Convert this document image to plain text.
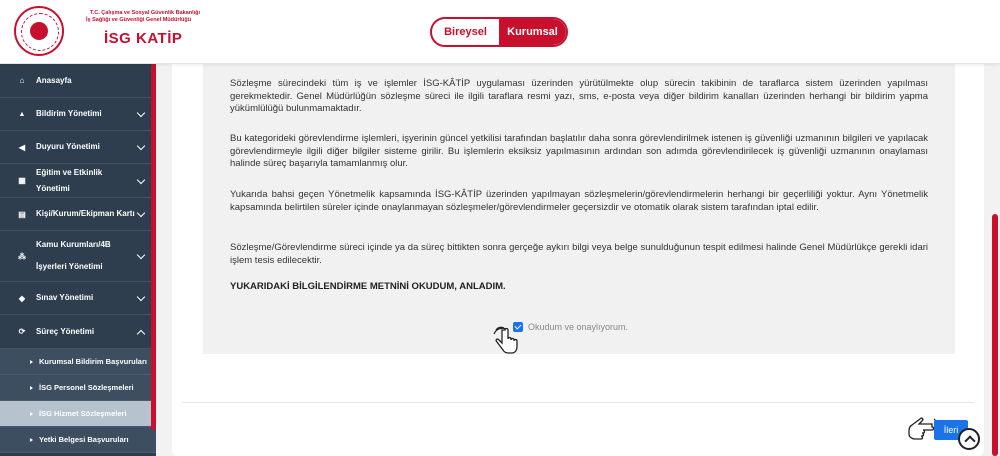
T.C. Çalışma ve Sosyal Güvenlik Bakanlığı
İş Sağlığı ve Güvenliği Genel Müdürlüğü
İSG KATİP	Bireysel	Kurumsal
⌂	Anasayfa
▲	Bildirim Yönetimi
◀	Duyuru Yönetimi
▦
Eğitim ve Etkinlik Yönetimi
▤ Kişi/Kurum/Ekipman Kartı
⁂
Kamu Kurumları/4B İşyerleri Yönetimi
◆	Sınav Yönetimi
⟳	Süreç Yönetimi
Kurumsal Bildirim Başvuruları
İSG Personel Sözleşmeleri
İSG Hizmet Sözleşmeleri
Yetki Belgesi Başvuruları

Sözleşme sürecindeki tüm iş ve işlemler İSG-KÂTİP uygulaması üzerinden yürütülmekte olup sürecin takibinin de taraflarca sistem üzerinden yapılması gerekmektedir. Genel Müdürlüğün sözleşme süreci ile ilgili taraflara resmi yazı, sms, e-posta veya diğer bildirim kanalları üzerinden herhangi bir bildirim yapma yükümlülüğü bulunmamaktadır.

Bu kategorideki görevlendirme işlemleri, işyerinin güncel yetkilisi tarafından başlatılır daha sonra görevlendirilmek istenen iş güvenliği uzmanının bilgileri ve yapılacak görevlendirmeyle ilgili diğer bilgiler sisteme girilir. Bu işlemlerin eksiksiz yapılmasının ardından son adımda görevlendirilecek iş güvenliği uzmanının onaylaması halinde süreç başarıyla tamamlanmış olur.

Yukarıda bahsi geçen Yönetmelik kapsamında İSG-KÂTİP üzerinden yapılmayan sözleşmelerin/görevlendirmelerin herhangi bir geçerliliği yoktur. Aynı Yönetmelik kapsamında belirtilen süreler içinde onaylanmayan sözleşmeler/görevlendirmeler geçersizdir ve otomatik olarak sistem tarafından iptal edilir.

Sözleşme/Görevlendirme süreci içinde ya da süreç bittikten sonra gerçeğe aykırı bilgi veya belge sunulduğunun tespit edilmesi halinde Genel Müdürlükçe gerekli idari işlem tesis edilecektir.

YUKARIDAKİ BİLGİLENDİRME METNİNİ OKUDUM, ANLADIM.

Okudum ve onaylıyorum.
İleri
